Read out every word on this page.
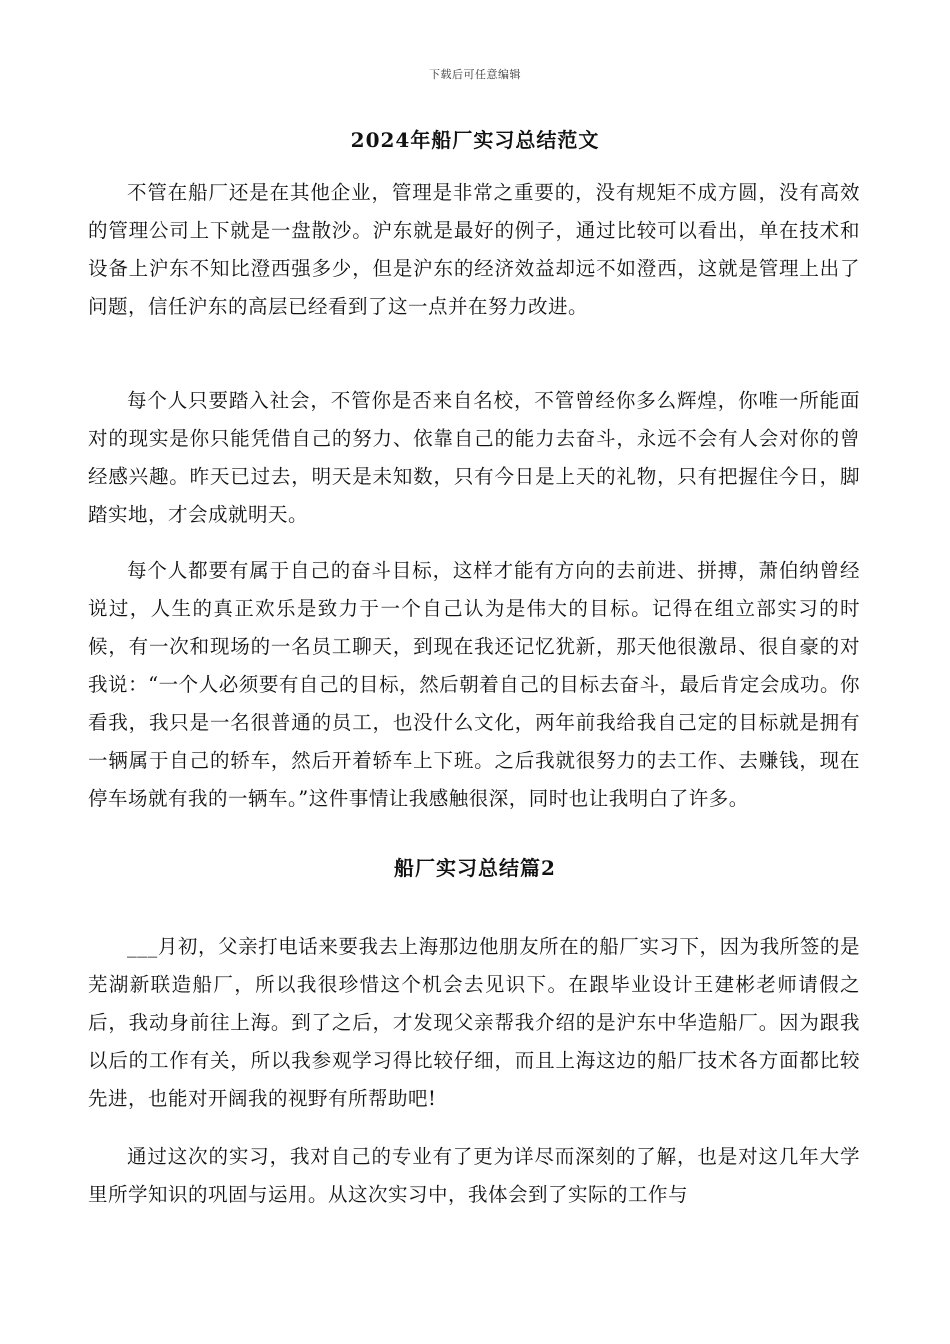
下载后可任意编辑
2024年船厂实习总结范文

不管在船厂还是在其他企业，管理是非常之重要的，没有规矩不成方圆，没有高效的管理公司上下就是一盘散沙。沪东就是最好的例子，通过比较可以看出，单在技术和设备上沪东不知比澄西强多少，但是沪东的经济效益却远不如澄西，这就是管理上出了问题，信任沪东的高层已经看到了这一点并在努力改进。

每个人只要踏入社会，不管你是否来自名校，不管曾经你多么辉煌，你唯一所能面对的现实是你只能凭借自己的努力、依靠自己的能力去奋斗，永远不会有人会对你的曾经感兴趣。昨天已过去，明天是未知数，只有今日是上天的礼物，只有把握住今日，脚踏实地，才会成就明天。

每个人都要有属于自己的奋斗目标，这样才能有方向的去前进、拼搏，萧伯纳曾经说过，人生的真正欢乐是致力于一个自己认为是伟大的目标。记得在组立部实习的时候，有一次和现场的一名员工聊天，到现在我还记忆犹新，那天他很激昂、很自豪的对我说：“一个人必须要有自己的目标，然后朝着自己的目标去奋斗，最后肯定会成功。你看我，我只是一名很普通的员工，也没什么文化，两年前我给我自己定的目标就是拥有一辆属于自己的轿车，然后开着轿车上下班。之后我就很努力的去工作、去赚钱，现在停车场就有我的一辆车。”这件事情让我感触很深，同时也让我明白了许多。

船厂实习总结篇2

___月初，父亲打电话来要我去上海那边他朋友所在的船厂实习下，因为我所签的是芜湖新联造船厂，所以我很珍惜这个机会去见识下。在跟毕业设计王建彬老师请假之后，我动身前往上海。到了之后，才发现父亲帮我介绍的是沪东中华造船厂。因为跟我以后的工作有关，所以我参观学习得比较仔细，而且上海这边的船厂技术各方面都比较先进，也能对开阔我的视野有所帮助吧!

通过这次的实习，我对自己的专业有了更为详尽而深刻的了解，也是对这几年大学里所学知识的巩固与运用。从这次实习中，我体会到了实际的工作与
